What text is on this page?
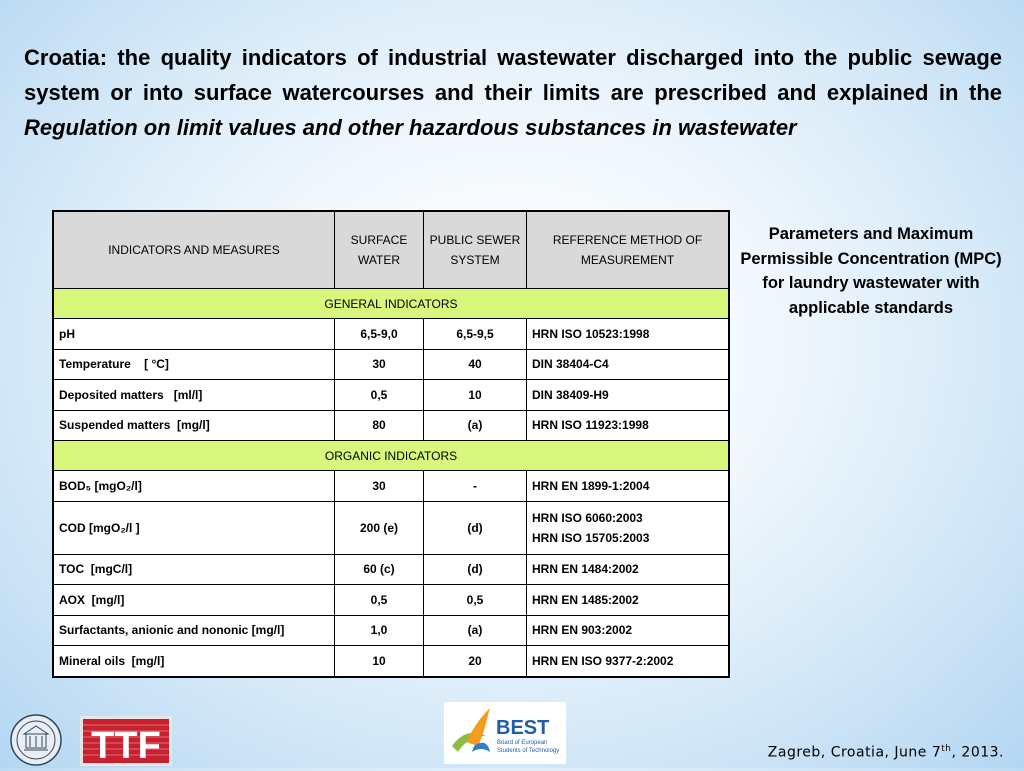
Croatia: the quality indicators of industrial wastewater discharged into the public sewage system or into surface watercourses and their limits are prescribed and explained in the Regulation on limit values and other hazardous substances in wastewater
INDICATORS AND MEASURES	SURFACE WATER	PUBLIC SEWER SYSTEM	REFERENCE METHOD OF MEASUREMENT
GENERAL INDICATORS			
pH	6,5-9,0	6,5-9,5	HRN ISO 10523:1998
Temperature    [ °C]	30	40	DIN 38404-C4
Deposited matters   [ml/l]	0,5	10	DIN 38409-H9
Suspended matters  [mg/l]	80	(a)	HRN ISO 11923:1998
ORGANIC INDICATORS			
BOD₅ [mgO₂/l]	30	-	HRN EN 1899-1:2004
COD [mgO₂/l ]	200 (e)	(d)	HRN ISO 6060:2003
HRN ISO 15705:2003

TOC  [mgC/l]	60 (c)	(d)	HRN EN 1484:2002
AOX  [mg/l]	0,5	0,5	HRN EN 1485:2002
Surfactants, anionic and nononic [mg/l]	1,0	(a)	HRN EN 903:2002
Mineral oils  [mg/l]	10	20	HRN EN ISO 9377-2:2002
Parameters and Maximum Permissible Concentration (MPC) for laundry wastewater with applicable standards
TTF	BEST
Board of European
Students of Technology	Zagreb, Croatia, June 7th, 2013.
